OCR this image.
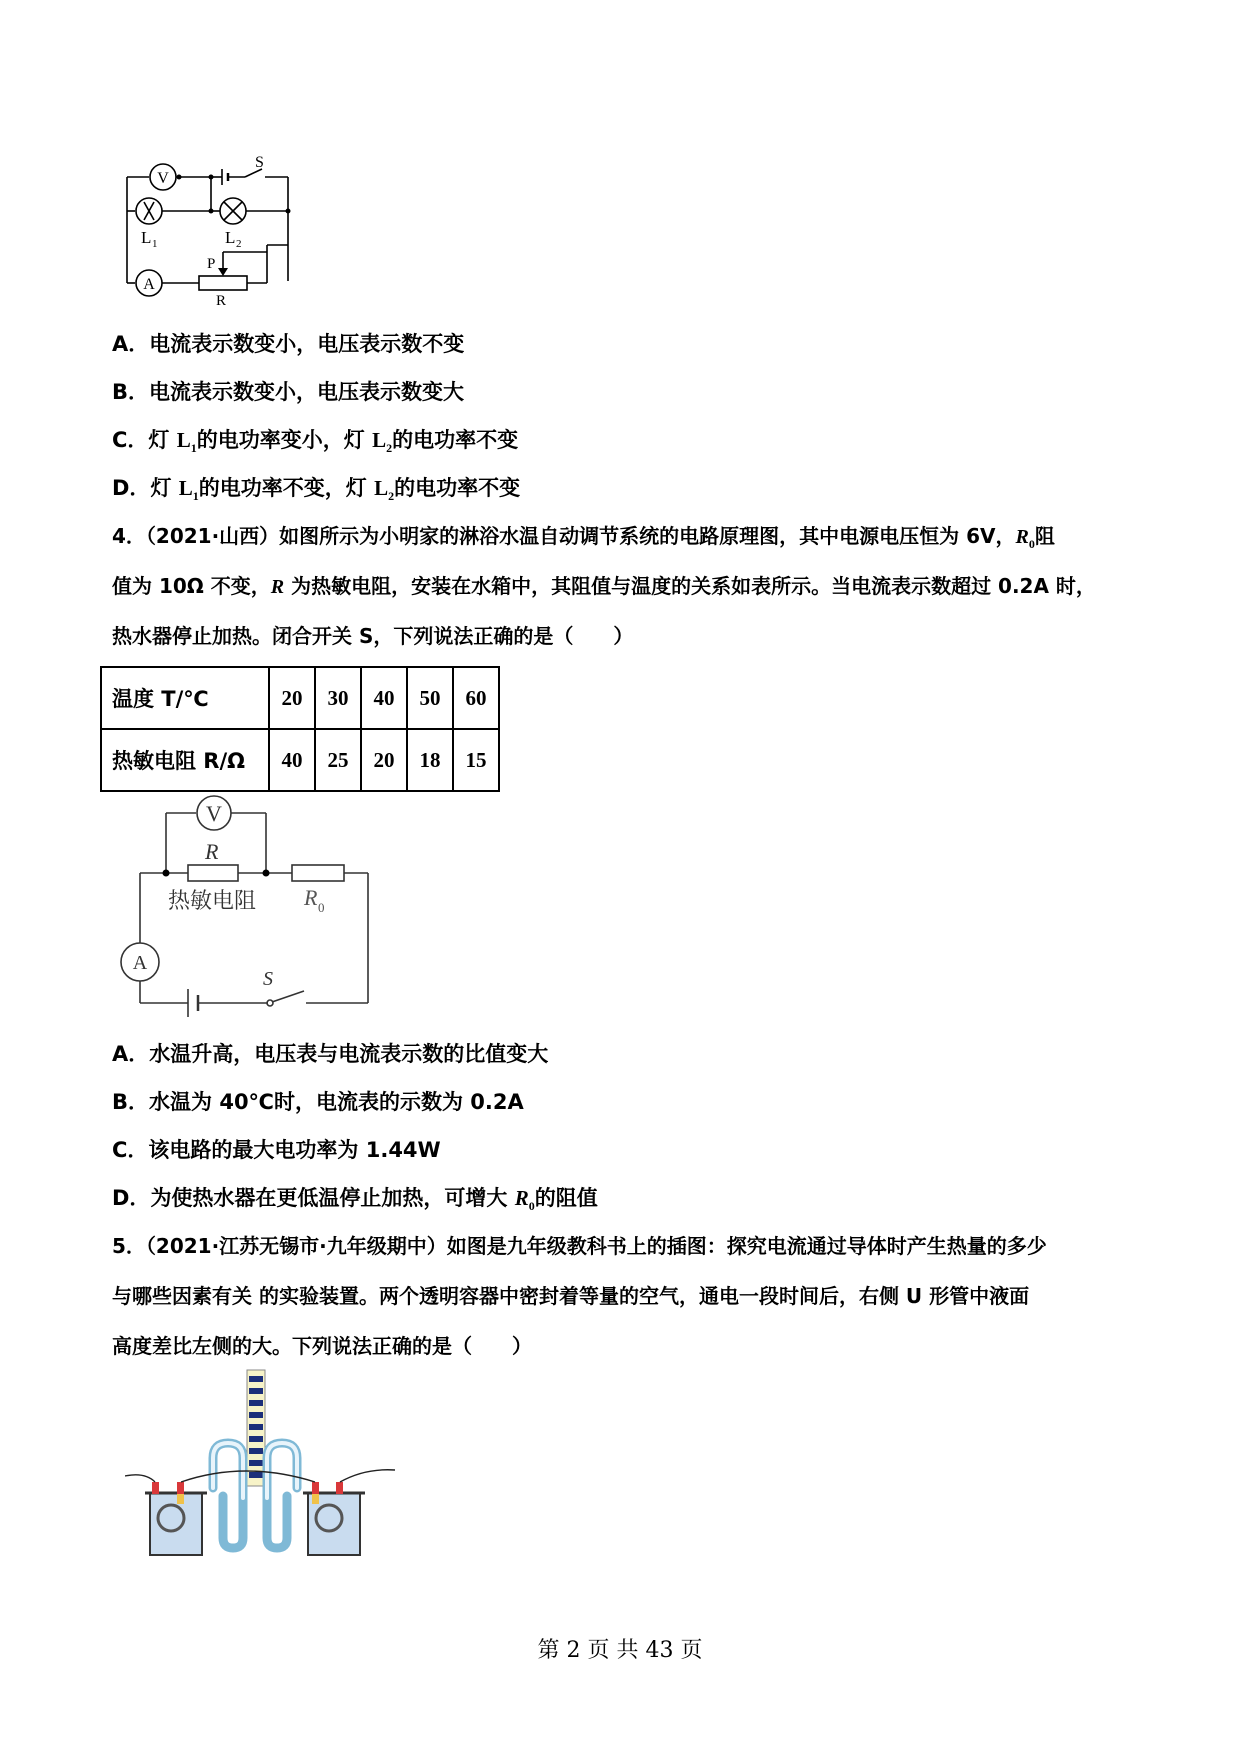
V
A
S
L 1	L 2
P
R
A．电流表示数变小，电压表示数不变
B．电流表示数变小，电压表示数变大
C．灯 $L_1$的电功率变小，灯 $L_2$的电功率不变
D．灯 $L_1$的电功率不变，灯 $L_2$的电功率不变
4．（2021·山西）如图所示为小明家的淋浴水温自动调节系统的电路原理图，其中电源电压恒为 6V，$R_0$阻
值为 10Ω 不变，R 为热敏电阻，安装在水箱中，其阻值与温度的关系如表所示。当电流表示数超过 0.2A 时，
热水器停止加热。闭合开关 S，下列说法正确的是（　　）
温度 T/℃	20	30	40	50	60
热敏电阻 R/Ω	40	25	20	18	15
V
R
热敏电阻 R 0
A
S
A．水温升高，电压表与电流表示数的比值变大
B．水温为 40℃时，电流表的示数为 0.2A
C．该电路的最大电功率为 1.44W
D．为使热水器在更低温停止加热，可增大 $R_0$的阻值
5．（2021·江苏无锡市·九年级期中）如图是九年级教科书上的插图：探究电流通过导体时产生热量的多少
与哪些因素有关 的实验装置。两个透明容器中密封着等量的空气，通电一段时间后，右侧 U 形管中液面
高度差比左侧的大。下列说法正确的是（　　）
第 2 页 共 43 页
